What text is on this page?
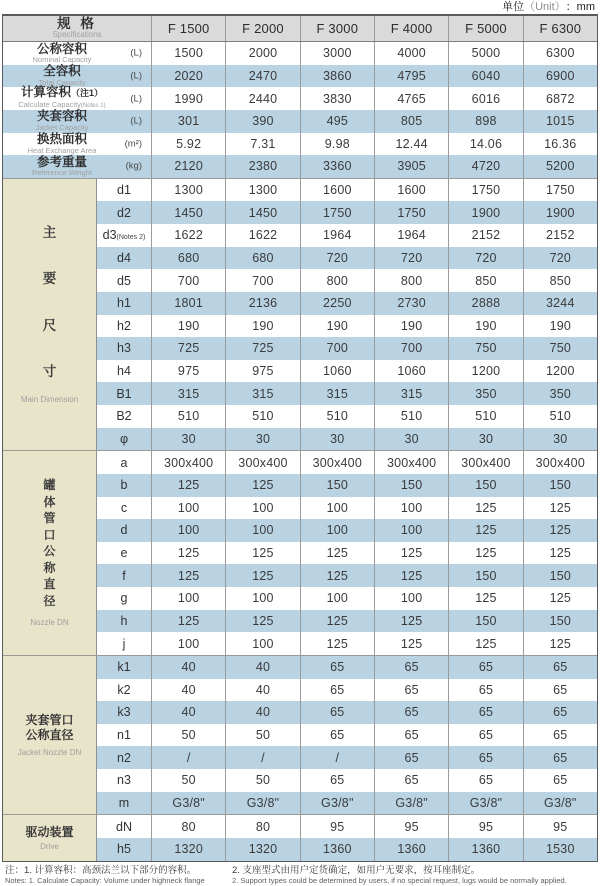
单位 （Unit） ： mm
规 格
Specifications	F 1500	F 2000	F 3000	F 4000	F 5000	F 6300
公称容积
Nominal Capacity
(L)	1500	2000	3000	4000	5000	6300
全容积
Total Capacity
(L)	2020	2470	3860	4795	6040	6900
计算容积（注1）
Calculate Capacity(Notes 1)
(L)	1990	2440	3830	4765	6016	6872
夹套容积
Jacket Capacity
(L)	301	390	495	805	898	1015
换热面积
Heat Exchange Area
(m²)	5.92	7.31	9.98	12.44	14.06	16.36
参考重量
Reference Weight
(kg)	2120	2380	3360	3905	4720	5200
主
要
尺
寸
Main Dimension
d1	1300	1300	1600	1600	1750	1750
d2	1450	1450	1750	1750	1900	1900
d3 (Notes 2)	1622	1622	1964	1964	2152	2152
d4	680	680	720	720	720	720
d5	700	700	800	800	850	850
h1	1801	2136	2250	2730	2888	3244
h2	190	190	190	190	190	190
h3	725	725	700	700	750	750
h4	975	975	1060	1060	1200	1200
B1	315	315	315	315	350	350
B2	510	510	510	510	510	510
φ	30	30	30	30	30	30
罐
体
管
口
公
称
直
径
Nozzle DN
a	300x400	300x400	300x400	300x400	300x400	300x400
b	125	125	150	150	150	150
c	100	100	100	100	125	125
d	100	100	100	100	125	125
e	125	125	125	125	125	125
f	125	125	125	125	150	150
g	100	100	100	100	125	125
h	125	125	125	125	150	150
j	100	100	125	125	125	125
夹套管口
公称直径
Jacket Nozzle DN
k1	40	40	65	65	65	65
k2	40	40	65	65	65	65
k3	40	40	65	65	65	65
n1	50	50	65	65	65	65
n2	/	/	/	65	65	65
n3	50	50	65	65	65	65
m	G3/8"	G3/8"	G3/8"	G3/8"	G3/8"	G3/8"
驱动装置
Drive
dN	80	80	95	95	95	95
h5	1320	1320	1360	1360	1360	1530
注：1. 计算容积：高颈法兰以下部分的容积。
Notes: 1. Calculate Capacity: Volume under highneck flange
2. 支座型式由用户定货确定，如用户无要求，按耳座制定。
2. Support types could be determined by users, if no special request, lugs would be normally applied.
